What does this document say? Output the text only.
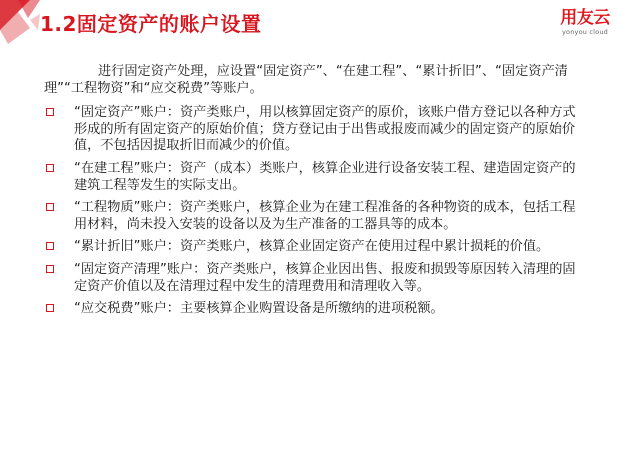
1.2固定资产的账户设置	用友云
yonyou cloud

进行固定资产处理，应设置“固定资产”、“在建工程”、“累计折旧”、“固定资产清理”“工程物资”和“应交税费”等账户。

“固定资产”账户：资产类账户，用以核算固定资产的原价，该账户借方登记以各种方式形成的所有固定资产的原始价值；贷方登记由于出售或报废而减少的固定资产的原始价值，不包括因提取折旧而减少的价值。
“在建工程”账户：资产（成本）类账户，核算企业进行设备安装工程、建造固定资产的建筑工程等发生的实际支出。
“工程物质”账户：资产类账户，核算企业为在建工程准备的各种物资的成本，包括工程用材料，尚未投入安装的设备以及为生产准备的工器具等的成本。
“累计折旧”账户：资产类账户，核算企业固定资产在使用过程中累计损耗的价值。
“固定资产清理”账户：资产类账户，核算企业因出售、报废和损毁等原因转入清理的固定资产价值以及在清理过程中发生的清理费用和清理收入等。
“应交税费”账户：主要核算企业购置设备是所缴纳的进项税额。
